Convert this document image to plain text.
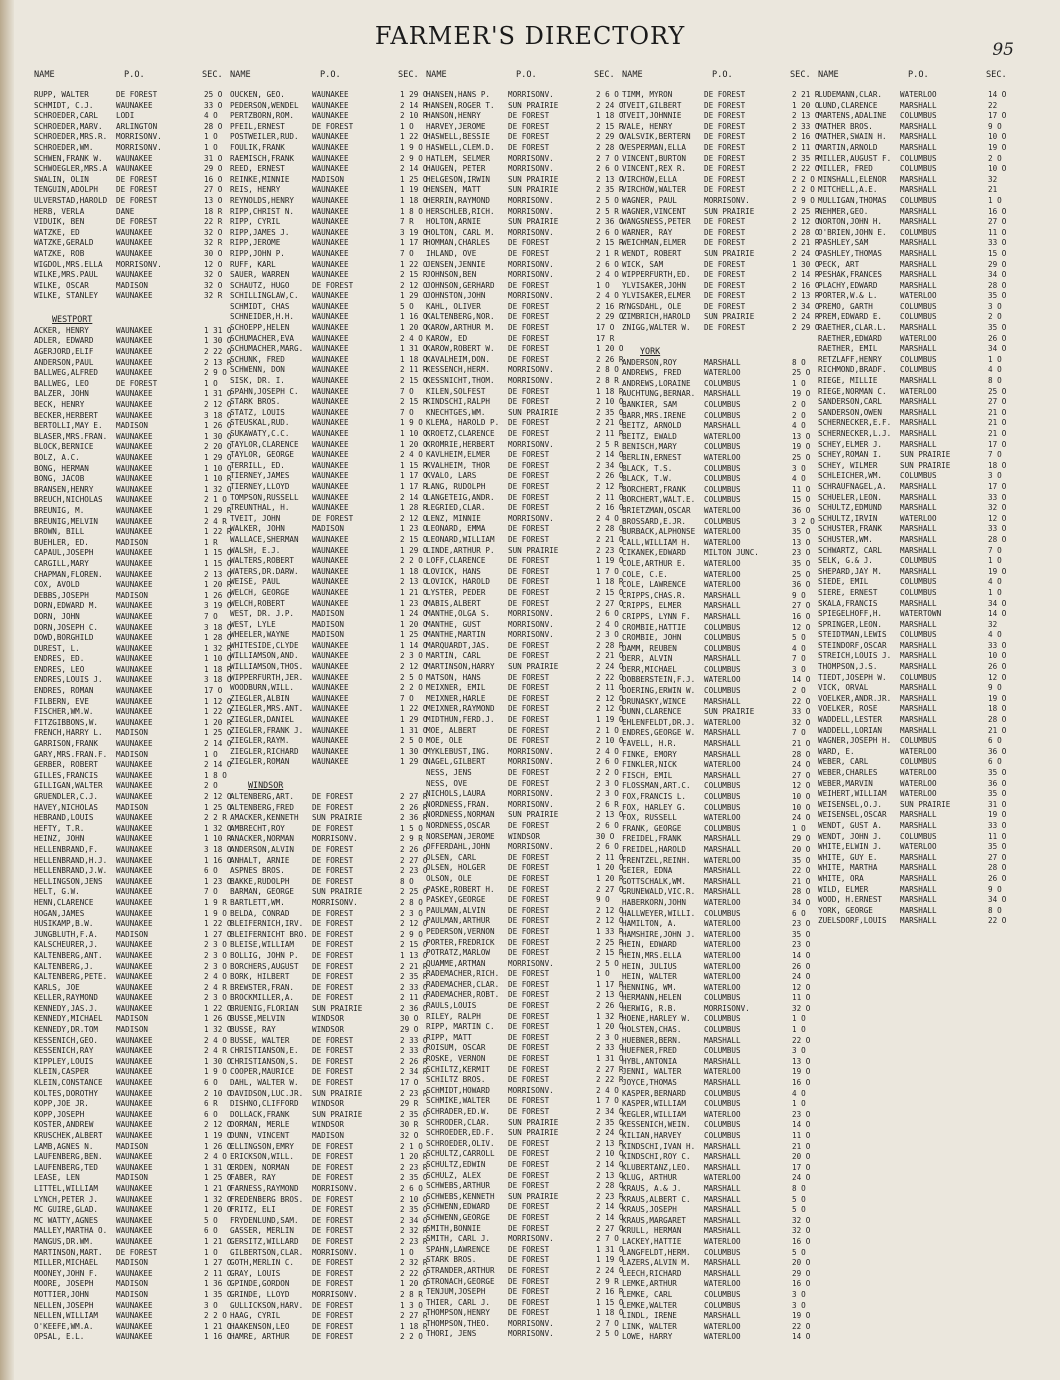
FARMER'S DIRECTORY	95
NAME	P.O.	SEC.
RUPP, WALTER	DE FOREST	25 O
SCHMIDT, C.J.	WAUNAKEE	33 O
SCHROEDER,CARL	LODI	4 O
SCHROEDER,MARV.	ARLINGTON	28 O
SCHROEDER,MRS.R.	MORRISONV.	1 O
SCHROEDER,WM.	MORRISONV.	1 O
SCHWEN,FRANK W.	WAUNAKEE	31 O
SCHWOEGLER,MRS.A	WAUNAKEE	29 O
SWALIN, OLIN	DE FOREST	16 O
TENGUIN,ADOLPH	DE FOREST	27 O
ULVERSTAD,HAROLD	DE FOREST	13 O
HERB, VERLA	DANE	18 R
VIDUIK, BEN	DE FOREST	22 R
WATZKE, ED	WAUNAKEE	32 O
WATZKE,GERALD	WAUNAKEE	32 R
WATZKE, ROB	WAUNAKEE	30 O
WIGDOL,MRS.ELLA	MORRISONV.	12 O
WILKE,MRS.PAUL	WAUNAKEE	32 O
WILKE, OSCAR	MADISON	32 O
WILKE, STANLEY	WAUNAKEE	32 R
WESTPORT
ACKER, HENRY	WAUNAKEE	1 31 O
ADLER, EDWARD	WAUNAKEE	1 30 O
AGERJORD,ELIF	WAUNAKEE	2 22 O
ANDERSON,PAUL	WAUNAKEE	2 13 R
BALLWEG,ALFRED	WAUNAKEE	2 9 O
BALLWEG, LEO	DE FOREST	1 O
BALZER, JOHN	WAUNAKEE	1 31 O
BECK, HENRY	WAUNAKEE	2 12 O
BECKER,HERBERT	WAUNAKEE	3 18 O
BERTOLLI,MAY E.	MADISON	1 26 O
BLASER,MRS.FRAN.	WAUNAKEE	1 30 O
BLOCK,BERNICE	WAUNAKEE	2 20 O
BOLZ, A.C.	WAUNAKEE	1 29 O
BONG, HERMAN	WAUNAKEE	1 10 O
BONG, JACOB	WAUNAKEE	1 10 R
BRANSEN,HENRY	WAUNAKEE	1 32 O
BREUCH,NICHOLAS	WAUNAKEE	2 1 O
BREUNIG, M.	WAUNAKEE	1 29 R
BREUNIG,MELVIN	WAUNAKEE	2 4 R
BROWN, BILL	WAUNAKEE	1 22 R
BUEHLER, ED.	MADISON	1 R
CAPAUL,JOSEPH	WAUNAKEE	1 15 O
CARGILL,MARY	WAUNAKEE	1 15 O
CHAPMAN,FLOREN.	WAUNAKEE	2 13 O
COX, AVOLD	WAUNAKEE	1 20 R
DEBBS,JOSEPH	MADISON	1 26 O
DORN,EDWARD M.	WAUNAKEE	3 19 O
DORN, JOHN	WAUNAKEE	7 O
DORN,JOSEPH C.	WAUNAKEE	3 18 O
DOWD,BORGHILD	WAUNAKEE	1 28 O
DUREST, L.	WAUNAKEE	1 32 R
ENDRES, ED.	WAUNAKEE	1 10 O
ENDRES, LEO	WAUNAKEE	1 18 R
ENDRES,LOUIS J.	WAUNAKEE	3 18 O
ENDRES, ROMAN	WAUNAKEE	17 O
FILBERN, EVE	WAUNAKEE	1 12 O
FISCHER,WM.W.	WAUNAKEE	1 22 O
FITZGIBBONS,W.	WAUNAKEE	1 20 R
FRENCH,HARRY L.	MADISON	1 25 O
GARRISON,FRANK	WAUNAKEE	2 14 O
GARY,MRS.FRAN.F.	MADISON	1 O
GERBER, ROBERT	WAUNAKEE	2 14 O
GILLES,FRANCIS	WAUNAKEE	1 8 O
GILLIGAN,WALTER	WAUNAKEE	2 O
GRUENDLER,C.J.	WAUNAKEE	2 12 O
HAVEY,NICHOLAS	MADISON	1 25 O
HEBRAND,LOUIS	WAUNAKEE	2 2 R
HEFTY, T.R.	WAUNAKEE	1 32 O
HEINZ, JOHN	WAUNAKEE	1 10 R
HELLENBRAND,F.	WAUNAKEE	3 18 O
HELLENBRAND,H.J.	WAUNAKEE	1 16 O
HELLENBRAND,J.W.	WAUNAKEE	6 O
HELLINGSON,JENS	WAUNAKEE	1 23 O
HELT, G.W.	WAUNAKEE	7 O
HENN,CLARENCE	WAUNAKEE	1 9 R
HOGAN,JAMES	WAUNAKEE	1 9 O
HUSIKAMP,B.W.	WAUNAKEE	1 22 O
JUNGBLUTH,F.A.	MADISON	1 27 O
KALSCHEURER,J.	WAUNAKEE	2 3 O
KALTENBERG,ANT.	WAUNAKEE	2 3 O
KALTENBERG,J.	WAUNAKEE	2 3 O
KALTENBERG,PETE.	WAUNAKEE	2 4 O
KARLS, JOE	WAUNAKEE	2 4 R
KELLER,RAYMOND	WAUNAKEE	2 3 O
KENNEDY,JAS.J.	WAUNAKEE	1 22 O
KENNEDY,MICHAEL	MADISON	1 26 O
KENNEDY,DR.TOM	MADISON	1 32 O
KESSENICH,GEO.	WAUNAKEE	2 4 O
KESSENICH,RAY	WAUNAKEE	2 4 R
KIPPLEY,LOUIS	WAUNAKEE	1 30 O
KLEIN,CASPER	WAUNAKEE	1 9 O
KLEIN,CONSTANCE	WAUNAKEE	6 O
KOLTES,DOROTHY	WAUNAKEE	2 10 O
KOPP,JOE JR.	WAUNAKEE	6 R
KOPP,JOSEPH	WAUNAKEE	6 O
KOSTER,ANDREW	WAUNAKEE	2 12 O
KRUSCHEK,ALBERT	WAUNAKEE	1 19 O
LAMB,AGNES N.	MADISON	1 26 O
LAUFENBERG,BEN.	WAUNAKEE	2 4 O
LAUFENBERG,TED	WAUNAKEE	1 31 O
LEASE, LEN	MADISON	1 25 O
LITTEL,WILLIAM	WAUNAKEE	1 21 O
LYNCH,PETER J.	WAUNAKEE	1 32 O
MC GUIRE,GLAD.	WAUNAKEE	1 20 O
MC WATTY,AGNES	WAUNAKEE	5 O
MALLEY,MARTHA O.	WAUNAKEE	6 O
MANGUS,DR.WM.	WAUNAKEE	1 21 O
MARTINSON,MART.	DE FOREST	1 O
MILLER,MICHAEL	MADISON	1 27 O
MOONEY,JOHN F.	WAUNAKEE	2 11 O
MOORE, JOSEPH	MADISON	1 36 O
MOTTIER,JOHN	MADISON	1 35 O
NELLEN,JOSEPH	WAUNAKEE	3 O
NELLEN,WILLIAM	WAUNAKEE	2 2 O
O'KEEFE,WM.A.	WAUNAKEE	1 21 O
OPSAL, E.L.	WAUNAKEE	1 16 O
NAME	P.O.	SEC.
OUCKEN, GEO.	WAUNAKEE	1 29 O
PEDERSON,WENDEL	WAUNAKEE	2 14 R
PERTZBORN,ROM.	WAUNAKEE	2 10 R
PFEIL,ERNEST	DE FOREST	1 O
POSTWEILER,RUD.	WAUNAKEE	1 22 O
FOULIK,FRANK	WAUNAKEE	1 9 O
RAEMISCH,FRANK	WAUNAKEE	2 9 O
REED, ERNEST	WAUNAKEE	2 14 O
REINKE,MINNIE	MADISON	1 25 O
REIS, HENRY	WAUNAKEE	1 19 O
REYNOLDS,HENRY	WAUNAKEE	1 18 O
RIPP,CHRIST N.	WAUNAKEE	1 8 O
RIPP, CYRIL	WAUNAKEE	7 R
RIPP,JAMES J.	WAUNAKEE	3 19 O
RIPP,JEROME	WAUNAKEE	1 17 R
RIPP,JOHN P.	WAUNAKEE	7 O
RUFF, KARL	WAUNAKEE	1 22 O
SAUER, WARREN	WAUNAKEE	2 15 R
SCHAUTZ, HUGO	DE FOREST	2 12 O
SCHILLINGLAW,C.	WAUNAKEE	1 29 O
SCHMIDT, CHAS	WAUNAKEE	5 O
SCHNEIDER,H.H.	WAUNAKEE	1 16 O
SCHOEPP,HELEN	WAUNAKEE	1 20 O
SCHUMACHER,EVA	WAUNAKEE	2 4 O
SCHUMACHER,MARG.	WAUNAKEE	1 31 O
SCHUNK, FRED	WAUNAKEE	1 18 O
SCHWENN, DON	WAUNAKEE	2 11 R
SISK, DR. I.	WAUNAKEE	2 15 O
SPAHN,JOSEPH C.	WAUNAKEE	7 O
STARK BROS.	WAUNAKEE	2 15 R
STATZ, LOUIS	WAUNAKEE	7 O
STEUSKAL,RUD.	WAUNAKEE	1 9 O
SUKAWATY,C.C.	WAUNAKEE	1 10 O
TAYLOR,CLARENCE	WAUNAKEE	1 20 O
TAYLOR, GEORGE	WAUNAKEE	2 4 O
TERRILL, ED.	WAUNAKEE	1 15 R
TIERNEY,JAMES	WAUNAKEE	1 17 O
TIERNEY,LLOYD	WAUNAKEE	1 17 R
TOMPSON,RUSSELL	WAUNAKEE	2 14 O
TREUNTHAL, H.	WAUNAKEE	1 28 R
TVEIT, JOHN	DE FOREST	2 12 O
WALKER, JOHN	MADISON	1 23 O
WALLACE,SHERMAN	WAUNAKEE	2 15 O
WALSH, E.J.	WAUNAKEE	1 29 O
WALTERS,ROBERT	WAUNAKEE	2 2 O
WATERS,DR.DARW.	WAUNAKEE	1 18 O
WEISE, PAUL	WAUNAKEE	2 13 O
WELCH, GEORGE	WAUNAKEE	1 21 O
WELCH,ROBERT	WAUNAKEE	1 23 O
WEST, DR. J.P.	MADISON	1 24 O
WEST, LYLE	MADISON	1 20 O
WHEELER,WAYNE	MADISON	1 25 O
WHITESIDE,CLYDE	WAUNAKEE	1 14 O
WILLIAMSON,AND.	WAUNAKEE	2 3 O
WILLIAMSON,THOS.	WAUNAKEE	2 12 O
WIPPERFURTH,JER.	WAUNAKEE	2 5 O
WOODBURN,WILL.	WAUNAKEE	2 2 O
ZIEGLER,ALBIN	WAUNAKEE	7 O
ZIEGLER,MRS.ANT.	WAUNAKEE	1 22 O
ZIEGLER,DANIEL	WAUNAKEE	1 29 O
ZIEGLER,FRANK J.	WAUNAKEE	1 31 O
ZIEGLER,RAYM.	WAUNAKEE	2 5 O
ZIEGLER,RICHARD	WAUNAKEE	1 30 O
ZIEGLER,ROMAN	WAUNAKEE	1 29 O
WINDSOR
ALTENBERG,ART.	DE FOREST	2 27 R
ALTENBERG,FRED	DE FOREST	2 26 R
AMACKER,KENNETH	SUN PRAIRIE	2 36 R
AMBRECHT,ROY	DE FOREST	1 5 O
ANACKER,NORMAN	MORRISONV.	2 9 R
ANDERSON,ALVIN	DE FOREST	2 26 O
ANHALT, ARNIE	DE FOREST	2 27 O
ASPNES BROS.	DE FOREST	2 23 O
BAKKE,RUDOLPH	DE FOREST	8 O
BARMAN, GEORGE	SUN PRAIRIE	2 25 O
BARTLETT,WM.	MORRISONV.	2 8 O
BELDA, CONRAD	DE FOREST	2 3 O
BLEIFERNICH,IRV.	DE FOREST	2 12 O
BLEIFERNICHT BRO. DE FOREST	2 9 O
BLEISE,WILLIAM	DE FOREST	2 15 O
BOLLIG, JOHN P.	DE FOREST	1 13 O
BORCHERS,AUGUST	DE FOREST	2 21 R
BORK, HILBERT	DE FOREST	2 35 R
BREWSTER,FRAN.	DE FOREST	2 33 O
BROCKMILLER,A.	DE FOREST	2 11 O
BRUENIG,FLORIAN	SUN PRAIRIE	2 36 O
BUSSE,MELVIN	WINDSOR	30 O
BUSSE, RAY	WINDSOR	29 O
BUSSE, WALTER	DE FOREST	2 33 O
CHRISTIANSON,E.	DE FOREST	2 33 O
CHRISTIANSON,S.	DE FOREST	2 26 R
COOPER,MAURICE	DE FOREST	2 34 R
DAHL, WALTER W.	DE FOREST	17 O
DAVIDSON,LUC.JR.	SUN PRAIRIE	2 23 R
DISHNO,CLIFFORD	WINDSOR	29 R
DOLLACK,FRANK	SUN PRAIRIE	2 35 O
DORMAN, MERLE	WINDSOR	30 R
DUNN, VINCENT	MADISON	32 O
ELLINGSON,EMRY	DE FOREST	2 1 O
ERICKSON,WILL.	DE FOREST	1 20 R
ERDEN, NORMAN	DE FOREST	2 23 R
FABER, RAY	DE FOREST	2 35 O
FARNESS,RAYMOND	MORRISONV.	2 6 O
FREDENBERG BROS.	DE FOREST	2 10 O
FRITZ, ELI	DE FOREST	2 35 O
FRYDENLUND,SAM.	DE FOREST	2 34 O
GASSER, MERLIN	DE FOREST	2 32 R
GERSITZ,WILLARD	DE FOREST	2 23 R
GILBERTSON,CLAR.	MORRISONV.	1 O
GOTH,MERLIN C.	DE FOREST	2 32 R
GRAY, LOUIS	DE FOREST	2 22 O
GPINDE,GORDON	DE FOREST	1 20 O
GRINDE, LLOYD	MORRISONV.	2 8 R
GULLICKSON,HARV.	DE FOREST	1 3 O
HAAG, CYRIL	DE FOREST	2 27 R
HAAKENSON,LEO	DE FOREST	1 18 R
HAMRE, ARTHUR	DE FOREST	2 2 O
NAME	P.O.	SEC.
HANSEN,HANS P.	MORRISONV.	2 6 O
HANSEN,ROGER T.	SUN PRAIRIE	2 24 O
HANSON,HENRY	DE FOREST	1 18 O
HARVEY,JEROME	DE FOREST	2 15 R
HASWELL,BESSIE	DE FOREST	2 29 O
HASWELL,CLEM.D.	DE FOREST	2 28 O
HATLEM, SELMER	MORRISONV.	2 7 O
HAUGEN, PETER	MORRISONV.	2 6 O
HELGESON,IRWIN	SUN PRAIRIE	2 13 O
HENSEN, MATT	SUN PRAIRIE	2 35 R
HERRIN,RAYMOND	MORRISONV.	2 5 O
HERSCHLEB,RICH.	MORRISONV.	2 5 R
HOLTON,ARNIE	SUN PRAIRIE	2 36 O
HOLTON, CARL M.	MORRISONV.	2 6 O
HOMMAN,CHARLES	DE FOREST	2 15 R
IHLAND, OVE	DE FOREST	2 1 R
JENSEN,JENNIE	MORRISONV.	2 6 O
JOHNSON,BEN	MORRISONV.	2 4 O
JOHNSON,GERHARD	DE FOREST	1 O
JOHNSTON,JOHN	MORRISONV.	2 4 O
KAHL, OLIVER	DE FOREST	2 16 R
KALTENBERG,NOR.	DE FOREST	2 29 O
KAROW,ARTHUR M.	DE FOREST	17 O
KAROW, ED	DE FOREST	17 R
KAROW,ROBERT W.	DE FOREST	1 20 O
KAVALHEIM,DON.	DE FOREST	2 26 R
KESSENCH,HERM.	MORRISONV.	2 8 O
KESSNICHT,THOM.	MORRISONV.	2 8 R
KILEN,SOLFEST	DE FOREST	1 18 R
KINDSCHI,RALPH	DE FOREST	2 10 O
KNECHTGES,WM.	SUN PRAIRIE	2 35 O
KLEMA, HAROLD P.	DE FOREST	2 21 O
KROETZ,CLARENCE	DE FOREST	2 11 R
KROMRIE,HERBERT	MORRISONV.	2 5 R
KAVLHEIM,ELMER	DE FOREST	2 14 O
KVALHEIM, THOR	DE FOREST	2 34 O
KVALO, LARS	DE FOREST	2 26 O
LANG, RUDOLPH	DE FOREST	2 12 R
LANGETEIG,ANDR.	DE FOREST	2 11 O
LEGRIED,CLAR.	DE FOREST	2 16 O
LENZ, MINNIE	MORRISONV.	2 4 O
LEONARD, EMMA	DE FOREST	2 28 O
LEONARD,WILLIAM	DE FOREST	2 21 O
LINDE,ARTHUR P.	SUN PRAIRIE	2 23 O
LOFF,CLARENCE	DE FOREST	1 19 O
LOVICK, HANS	DE FOREST	1 7 O
LOVICK, HAROLD	DE FOREST	1 18 R
LYSTER, PEDER	DE FOREST	2 15 O
MABIS,ALBERT	DE FOREST	2 27 O
MANTHE,OLGA S.	MORRISONV.	2 6 O
MANTHE, GUST	MORRISONV.	2 4 O
MANTHE,MARTIN	MORRISONV.	2 3 O
MARQUARDT,JAS.	DE FOREST	2 28 R
MARTIN, CARL	DE FOREST	2 21 O
MARTINSON,HARRY	SUN PRAIRIE	2 24 O
MATSON, HANS	DE FOREST	2 22 O
MEIXNER, EMIL	DE FOREST	2 11 O
MEIXNER,HARLE	DE FOREST	2 12 O
MEIXNER,RAYMOND	DE FOREST	2 12 O
MIDTHUN,FERD.J.	DE FOREST	1 19 O
MOE, ALBERT	DE FOREST	2 1 O
MOE, OLE	DE FOREST	2 10 O
MYKLEBUST,ING.	MORRISONV.	2 4 O
NAGEL,GILBERT	MORRISONV.	2 6 O
NESS, JENS	DE FOREST	2 2 O
NESS, OVE	DE FOREST	2 3 O
NICHOLS,LAURA	MORRISONV.	2 3 O
NORDNESS,FRAN.	MORRISONV.	2 6 R
NORDNESS,NORMAN	SUN PRAIRIE	2 13 O
NORDNESS,OSCAR	DE FOREST	2 6 O
NORSEMAN,JEROME	WINDSOR	30 O
OFFERDAHL,JOHN	MORRISONV.	2 6 O
OLSEN, CARL	DE FOREST	2 11 O
OLSEN, HOLGER	DE FOREST	1 20 O
OLSON, OLE	DE FOREST	1 20 R
PASKE,ROBERT H.	DE FOREST	2 27 O
PASKEY,GEORGE	DE FOREST	9 O
PAULMAN,ALVIN	DE FOREST	2 12 O
PAULMAN,ARTHUR	DE FOREST	2 12 O
PEDERSON,VERNON	DE FOREST	1 33 R
PORTER,FREDRICK	DE FOREST	2 25 R
POTRATZ,MARLOW	DE FOREST	2 15 R
QUAMME,ARTMAN	MORRISONV.	2 5 O
RADEMACHER,RICH.	DE FOREST	1 O
RADEMACHER,CLAR.	DE FOREST	1 17 R
RADEMACHER,ROBT.	DE FOREST	2 13 O
RAULS,LOUIS	DE FOREST	2 26 O
RILEY, RALPH	DE FOREST	1 32 R
RIPP, MARTIN C.	DE FOREST	1 20 O
RIPP, MATT	DE FOREST	2 3 O
ROISUM, OSCAR	DE FOREST	2 33 O
ROSKE, VERNON	DE FOREST	1 31 O
SCHILTZ,KERMIT	DE FOREST	2 27 R
SCHILTZ BROS.	DE FOREST	2 22 R
SCHMIDT,HOWARD	MORRISONV.	2 4 O
SCHMIKE,WALTER	DE FOREST	1 7 O
SCHRADER,ED.W.	DE FOREST	2 34 O
SCHRODER,CLAR.	SUN PRAIRIE	2 35 O
SCHROEDER,ED.F.	SUN PRAIRIE	2 24 O
SCHROEDER,OLIV.	DE FOREST	2 13 R
SCHULTZ,CARROLL	DE FOREST	2 10 O
SCHULTZ,EDWIN	DE FOREST	2 14 O
SCHULZ, ALEX	DE FOREST	2 13 O
SCHWEBS,ARTHUR	DE FOREST	2 28 O
SCHWEBS,KENNETH	SUN PRAIRIE	2 23 R
SCHWENN,EDWARD	DE FOREST	2 14 O
SCHWENN,GEORGE	DE FOREST	2 14 O
SMITH,BONNIE	DE FOREST	2 27 O
SMITH, CARL J.	MORRISONV.	2 7 O
SPAHN,LAWRENCE	DE FOREST	1 31 O
STARK BROS.	DE FOREST	1 19 O
STRANDER,ARTHUR	DE FOREST	2 24 O
STRONACH,GEORGE	DE FOREST	2 9 R
TENJUM,JOSEPH	DE FOREST	2 16 R
THIER, CARL J.	DE FOREST	1 15 O
THOMPSON,HENRY	DE FOREST	1 18 O
THOMPSON,THEO.	MORRISONV.	2 7 O
THORI, JENS	MORRISONV.	2 5 O
NAME	P.O.	SEC.
TIMM, MYRON	DE FOREST	2 21 R
TVEIT,GILBERT	DE FOREST	1 20 O
TVEIT,JOHNNIE	DE FOREST	2 13 O
VALE, HENRY	DE FOREST	2 33 O
VALSVIK,BERTERN	DE FOREST	2 16 O
VESPERMAN,ELLA	DE FOREST	2 11 O
VINCENT,BURTON	DE FOREST	2 35 R
VINCENT,REX R.	DE FOREST	2 22 O
VIRCHOW,ELLA	DE FOREST	2 2 O
VIRCHOW,WALTER	DE FOREST	2 2 O
WAGNER, PAUL	MORRISONV.	2 9 O
WAGNER,VINCENT	SUN PRAIRIE	2 25 R
WANGSNESS,PETER	DE FOREST	2 12 O
WARNER, RAY	DE FOREST	2 28 O
WEICHMAN,ELMER	DE FOREST	2 21 R
WENDT, ROBERT	SUN PRAIRIE	2 24 O
WICK, SAM	DE FOREST	1 30 O
WIPPERFURTH,ED.	DE FOREST	2 14 R
YLVISAKER,JOHN	DE FOREST	2 16 O
YLVISAKER,ELMER	DE FOREST	2 13 R
YNGSDAHL, OLE	DE FOREST	2 34 O
ZIMBRICH,HAROLD	SUN PRAIRIE	2 24 R
ZNIGG,WALTER W.	DE FOREST	2 29 O
YORK
ANDERSON,ROY	MARSHALL	8 O
ANDREWS, FRED	WATERLOO	25 O
ANDREWS,LORAINE	COLUMBUS	1 O
AUCHTUNG,BERNAR.	MARSHALL	19 O
BANKIER, SAM	COLUMBUS	2 O
BARR,MRS.IRENE	COLUMBUS	2 O
BEITZ, ARNOLD	MARSHALL	4 O
BEITZ, EWALD	WATERLOO	13 O
BENISCH,MARY	COLUMBUS	19 O
BERLIN,ERNEST	WATERLOO	25 O
BLACK, T.S.	COLUMBUS	3 O
BLACK, T.W.	COLUMBUS	4 O
BORCHERT,FRANK	COLUMBUS	11 O
BORCHERT,WALT.E.	COLUMBUS	15 O
BRIETZMAN,OSCAR	WATERLOO	36 O
BROSSARD,E.JR.	COLUMBUS	3 2 O
BURBACK,ALPHONSE	WATERLOO	35 O
CALL,WILLIAM H.	WATERLOO	13 O
CIKANEK,EDWARD	MILTON JUNC.	23 O
COLE,ARTHUR E.	WATERLOO	35 O
COLE, C.E.	WATERLOO	25 O
COLE, LAWRENCE	WATERLOO	36 O
CRIPPS,CHAS.R.	MARSHALL	9 O
CRIPPS, ELMER	MARSHALL	27 O
CRIPPS, LYNN F.	MARSHALL	16 O
CROMBIE,HATTIE	COLUMBUS	12 O
CROMBIE, JOHN	COLUMBUS	5 O
DAMM, REUBEN	COLUMBUS	4 O
DERR, ALVIN	MARSHALL	7 O
DERR,MICHAEL	COLUMBUS	3 O
DOBBERSTEIN,F.J.	WATERLOO	14 O
DOERING,ERWIN W.	COLUMBUS	2 O
DRUNASKY,WINCE	MARSHALL	22 O
DUNN,CLARENCE	SUN PRAIRIE	33 O
EHLENFELDT,DR.J.	WATERLOO	32 O
ENDRES,GEORGE W.	MARSHALL	7 O
FAVELL, H.R.	MARSHALL	21 O
FINKE, EMORY	MARSHALL	28 O
FINKLER,NICK	WATERLOO	24 O
FISCH, EMIL	MARSHALL	27 O
FLOSSMAN,ART.C.	COLUMBUS	12 O
FOX,FRANCIS L.	COLUMBUS	10 O
FOX, HARLEY G.	COLUMBUS	10 O
FOX, RUSSELL	WATERLOO	24 O
FRANK, GEORGE	COLUMBUS	1 O
FREIDEL,FRANK	MARSHALL	29 O
FREIDEL,HAROLD	MARSHALL	20 O
FRENTZEL,REINH.	WATERLOO	35 O
GEIER, EDNA	MARSHALL	22 O
GOTTSCHALK,WM.	MARSHALL	21 O
GRUNEWALD,VIC.R.	MARSHALL	28 O
HABERKORN,JOHN	WATERLOO	34 O
HALLWEYER,WILLI.	COLUMBUS	6 O
HAMILTON, A.	WATERLOO	23 O
HAMSHIRE,JOHN J.	WATERLOO	35 O
HEIN, EDWARD	WATERLOO	23 O
HEIN,MRS.ELLA	WATERLOO	14 O
HEIN, JULIUS	WATERLOO	26 O
HEIN, WALTER	WATERLOO	24 O
HENNING, WM.	WATERLOO	12 O
HERMANN,HELEN	COLUMBUS	11 O
HERWIG, R.B.	MORRISONV.	32 O
HOENE,HARLEY W.	COLUMBUS	1 O
HOLSTEN,CHAS.	COLUMBUS	1 O
HUEBNER,BERN.	MARSHALL	22 O
HUEFNER,FRED	COLUMBUS	3 O
HYBL,ANTONIA	MARSHALL	13 O
JENNI, WALTER	WATERLOO	19 O
JOYCE,THOMAS	MARSHALL	16 O
KASPER,BERNARD	COLUMBUS	4 O
KASPER,WILLIAM	COLUMBUS	1 O
KEGLER,WILLIAM	WATERLOO	23 O
KESSENICH,WEIN.	COLUMBUS	14 O
KILIAN,HARVEY	COLUMBUS	11 O
KINDSCHI,IVAN H.	MARSHALL	21 O
KINDSCHI,ROY C.	MARSHALL	20 O
KLUBERTANZ,LEO.	MARSHALL	17 O
KLUG, ARTHUR	WATERLOO	24 O
KRAUS, A.& J.	MARSHALL	8 O
KRAUS,ALBERT C.	MARSHALL	5 O
KRAUS,JOSEPH	MARSHALL	5 O
KRAUS,MARGARET	MARSHALL	32 O
KRULL, HERMAN	MARSHALL	32 O
LACKEY,HATTIE	WATERLOO	16 O
LANGFELDT,HERM.	COLUMBUS	5 O
LAZERS,ALVIN M.	MARSHALL	20 O
LEECH,RICHARD	MARSHALL	29 O
LEMKE,ARTHUR	WATERLOO	16 O
LEMKE, CARL	COLUMBUS	3 O
LEMKE,WALTER	COLUMBUS	3 O
LINDL, IRENE	MARSHALL	19 O
LINK, WALTER	WATERLOO	22 O
LOWE, HARRY	WATERLOO	14 O
NAME	P.O.	SEC.
LUDEMANN,CLAR.	WATERLOO	14 O
LUND,CLARENCE	MARSHALL	22
MARTENS,ADALINE	COLUMBUS	17 O
MATHER BROS.	MARSHALL	9 O
MATHER,SWAIN H.	MARSHALL	10 O
MARTIN,ARNOLD	MARSHALL	19 O
MILLER,AUGUST F.	COLUMBUS	2 O
MILLER, FRED	COLUMBUS	10 O
MINSHALL,ELENOR	MARSHALL	32
MITCHELL,A.E.	MARSHALL	21
MULLIGAN,THOMAS	COLUMBUS	1 O
NEHMER,GEO.	MARSHALL	16 O
NORTON,JOHN H.	MARSHALL	27 O
O'BRIEN,JOHN E.	COLUMBUS	11 O
PASHLEY,SAM	MARSHALL	33 O
PASHLEY,THOMAS	MARSHALL	15 O
PECK, ART	MARSHALL	29 O
PESHAK,FRANCES	MARSHALL	34 O
PLACHY,EDWARD	MARSHALL	28 O
PORTER,W.& L.	WATERLOO	35 O
PREMO, GARTH	COLUMBUS	3 O
PREM,EDWARD E.	COLUMBUS	2 O
RAETHER,CLAR.L.	MARSHALL	35 O
RAETHER,EDWARD	WATERLOO	26 O
RAETHER, EMIL	MARSHALL	34 O
RETZLAFF,HENRY	COLUMBUS	1 O
RICHMOND,BRADF.	COLUMBUS	4 O
RIEGE, MILLIE	MARSHALL	8 O
RIEGE,NORMAN C.	WATERLOO	25 O
SANDERSON,CARL	MARSHALL	27 O
SANDERSON,OWEN	MARSHALL	21 O
SCHERNECKER,E.F.	MARSHALL	21 O
SCHERNECKER,L.J.	MARSHALL	21 O
SCHEY,ELMER J.	MARSHALL	17 O
SCHEY,ROMAN I.	SUN PRAIRIE	7 O
SCHEY, WILMER	SUN PRAIRIE	18 O
SCHLEICHER,WM.	COLUMBUS	3 O
SCHRAUFNAGEL,A.	MARSHALL	17 O
SCHUELER,LEON.	MARSHALL	33 O
SCHULTZ,EDMUND	MARSHALL	32 O
SCHULTZ,IRVIN	WATERLOO	12 O
SCHUSTER,FRANK	MARSHALL	33 O
SCHUSTER,WM.	MARSHALL	28 O
SCHWARTZ, CARL	MARSHALL	7 O
SELK, G.& J.	COLUMBUS	1 O
SHEPARD,JAY M.	MARSHALL	19 O
SIEDE, EMIL	COLUMBUS	4 O
SIERE, ERNEST	COLUMBUS	1 O
SKALA,FRANCIS	MARSHALL	34 O
SPIEGELHOFF,H.	WATERTOWN	14 O
SPRINGER,LEON.	MARSHALL	32
STEIDTMAN,LEWIS	COLUMBUS	4 O
STEINDORF,OSCAR	MARSHALL	33 O
STREICH,LOUIS J.	MARSHALL	10 O
THOMPSON,J.S.	MARSHALL	26 O
TIEDT,JOSEPH W.	COLUMBUS	12 O
VICK, ORVAL	MARSHALL	9 O
VOELKER,ANDR.JR.	MARSHALL	19 O
VOELKER, ROSE	MARSHALL	18 O
WADDELL,LESTER	MARSHALL	28 O
WADDELL,LORIAN	MARSHALL	21 O
WAGNER,JOSEPH H.	COLUMBUS	6 O
WARD, E.	WATERLOO	36 O
WEBER, CARL	COLUMBUS	6 O
WEBER,CHARLES	WATERLOO	35 O
WEBER,MARVIN	WATERLOO	36 O
WEIHERT,WILLIAM	WATERLOO	35 O
WEISENSEL,O.J.	SUN PRAIRIE	31 O
WEISENSEL,OSCAR	MARSHALL	19 O
WENDT, GUST A.	MARSHALL	33 O
WENDT, JOHN J.	COLUMBUS	11 O
WHITE,ELWIN J.	WATERLOO	35 O
WHITE, GUY E.	MARSHALL	27 O
WHITE, MARTHA	MARSHALL	28 O
WHITE, ORA	MARSHALL	26 O
WILD, ELMER	MARSHALL	9 O
WOOD, H.ERNEST	MARSHALL	34 O
YORK, GEORGE	MARSHALL	8 O
ZUELSDORF,LOUIS	MARSHALL	22 O
